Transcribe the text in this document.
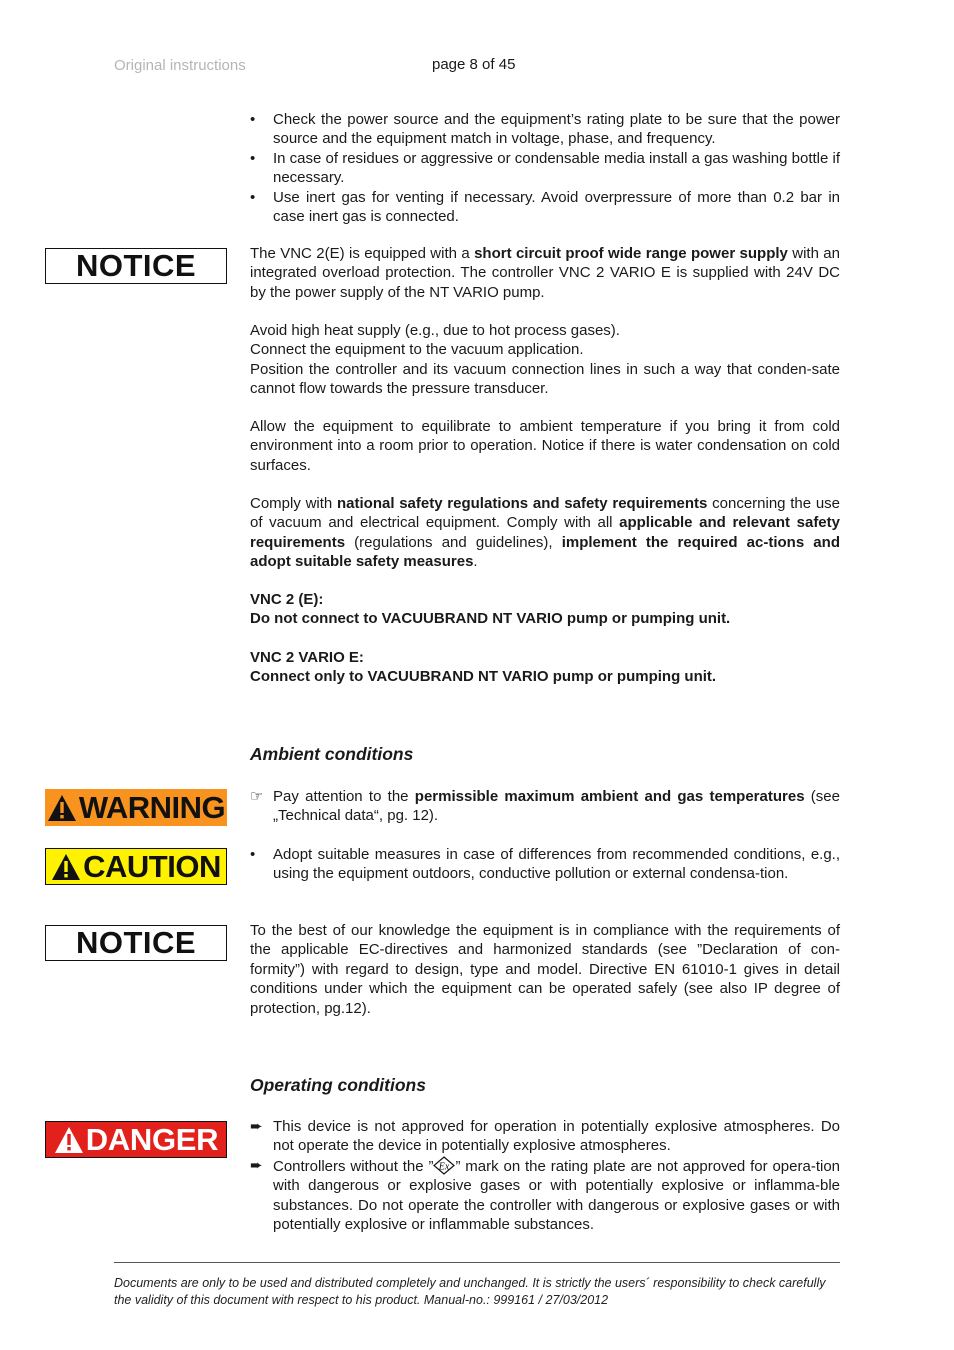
Original instructions	page 8 of 45
•	Check the power source and the equipment’s rating plate to be sure that the power source and the equipment match in voltage, phase, and frequency.
•	In case of residues or aggressive or condensable media install a gas washing bottle if necessary.
•	Use inert gas for venting if necessary. Avoid overpressure of more than 0.2 bar in case inert gas is connected.
NOTICE	The VNC 2(E) is equipped with a short circuit proof wide range power supply with an integrated overload protection. The controller VNC 2 VARIO E is supplied with 24V DC by the power supply of the NT VARIO pump.

Avoid high heat supply (e.g., due to hot process gases).

Connect the equipment to the vacuum application.

Position the controller and its vacuum connection lines in such a way that conden-sate cannot flow towards the pressure transducer.

Allow the equipment to equilibrate to ambient temperature if you bring it from cold environment into a room prior to operation. Notice if there is water condensation on cold surfaces.

Comply with national safety regulations and safety requirements concerning the use of vacuum and electrical equipment. Comply with all applicable and relevant safety requirements (regulations and guidelines), implement the required ac-tions and adopt suitable safety measures.

VNC 2 (E):

Do not connect to VACUUBRAND NT VARIO pump or pumping unit.

VNC 2 VARIO E:

Connect only to VACUUBRAND NT VARIO pump or pumping unit.

Ambient conditions
WARNING ☞ Pay attention to the permissible maximum ambient and gas temperatures (see „Technical data“, pg. 12).
CAUTION •	Adopt suitable measures in case of differences from recommended conditions, e.g., using the equipment outdoors, conductive pollution or external condensa-tion.
NOTICE	To the best of our knowledge the equipment is in compliance with the requirements of the applicable EC-directives and harmonized standards (see ”Declaration of con-formity”) with regard to design, type and model. Directive EN 61010-1 gives in detail conditions under which the equipment can be operated safely (see also IP degree of protection, pg.12).

Operating conditions
DANGER ➨ This device is not approved for operation in potentially explosive atmospheres. Do not operate the device in potentially explosive atmospheres.
➨ Controllers without the ” Ex ” mark on the rating plate are not approved for opera-tion with dangerous or explosive gases or with potentially explosive or inflamma-ble substances. Do not operate the controller with dangerous or explosive gases or with potentially explosive or inflammable substances.
Documents are only to be used and distributed completely and unchanged. It is strictly the users´ responsibility to check carefully the validity of this document with respect to his product. Manual-no.: 999161 / 27/03/2012
